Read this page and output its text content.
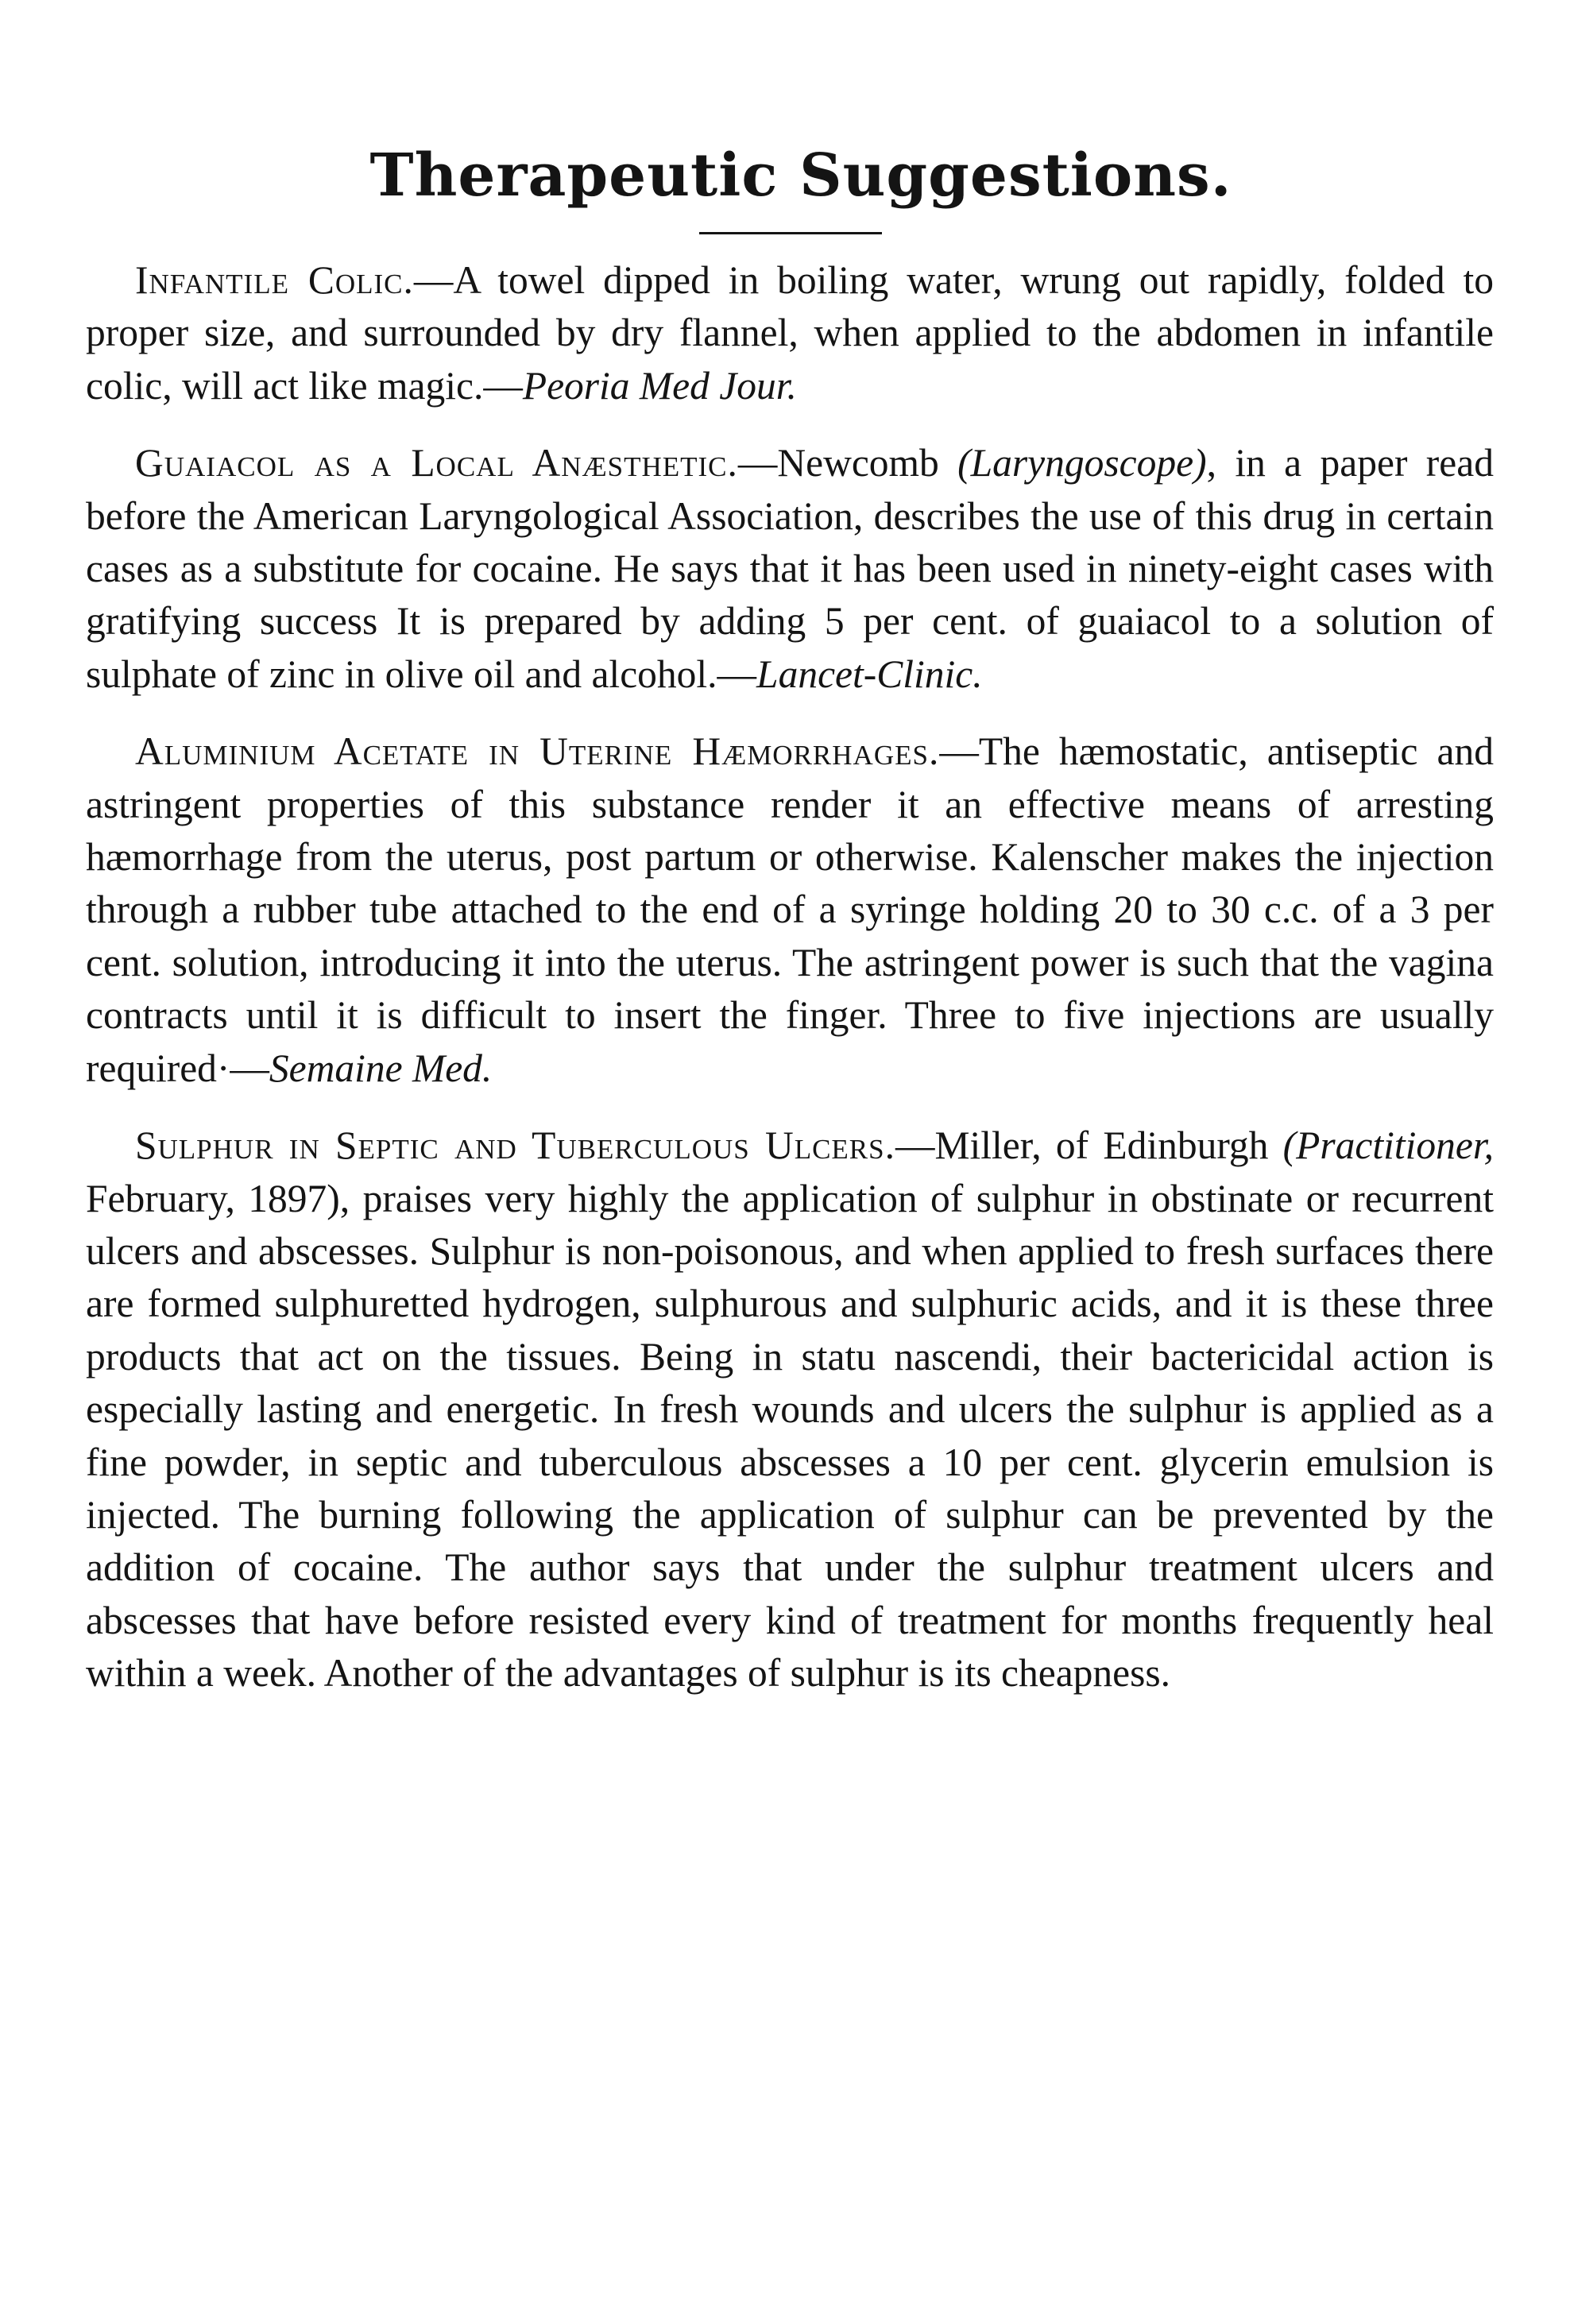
Therapeutic Suggestions.

Infantile Colic.—A towel dipped in boiling water, wrung out rapidly, folded to proper size, and surrounded by dry flannel, when applied to the abdomen in infantile colic, will act like magic.—Peoria Med Jour.

Guaiacol as a Local Anæsthetic.—Newcomb (Laryngoscope), in a paper read before the American Laryngological Association, describes the use of this drug in certain cases as a substitute for cocaine. He says that it has been used in ninety-eight cases with gratifying success It is prepared by adding 5 per cent. of guaiacol to a solution of sulphate of zinc in olive oil and alcohol.—Lancet-Clinic.

Aluminium Acetate in Uterine Hæmorrhages.—The hæmostatic, antiseptic and astringent properties of this substance render it an effective means of arresting hæmorrhage from the uterus, post partum or otherwise. Kalenscher makes the injection through a rubber tube attached to the end of a syringe holding 20 to 30 c.c. of a 3 per cent. solution, introducing it into the uterus. The astringent power is such that the vagina contracts until it is difficult to insert the finger. Three to five injections are usually required·—Semaine Med.

Sulphur in Septic and Tuberculous Ulcers.—Miller, of Edinburgh (Practitioner, February, 1897), praises very highly the application of sulphur in obstinate or recurrent ulcers and abscesses. Sulphur is non-poisonous, and when applied to fresh surfaces there are formed sulphuretted hydrogen, sulphurous and sulphuric acids, and it is these three products that act on the tissues. Being in statu nascendi, their bactericidal action is especially lasting and energetic. In fresh wounds and ulcers the sulphur is applied as a fine powder, in septic and tuberculous abscesses a 10 per cent. glycerin emulsion is injected. The burning following the application of sulphur can be prevented by the addition of cocaine. The author says that under the sulphur treatment ulcers and abscesses that have before resisted every kind of treatment for months frequently heal within a week. Another of the advantages of sulphur is its cheapness.
